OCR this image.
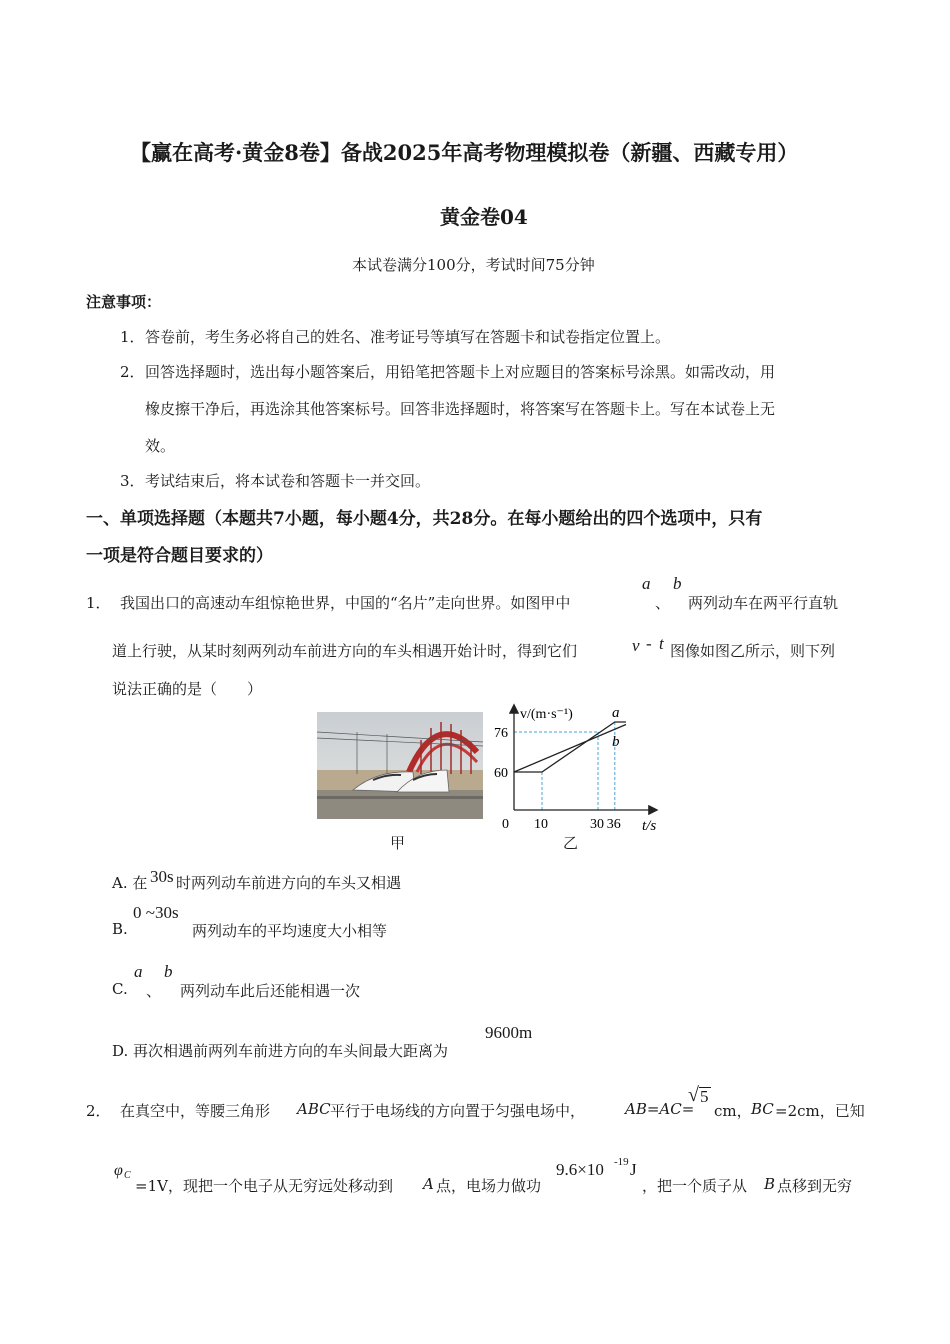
【赢在高考·黄金8卷】备战2025年高考物理模拟卷（新疆、西藏专用）
黄金卷04
本试卷满分100分，考试时间75分钟
注意事项：
1． 答卷前，考生务必将自己的姓名、准考证号等填写在答题卡和试卷指定位置上。
2． 回答选择题时，选出每小题答案后，用铅笔把答题卡上对应题目的答案标号涂黑。如需改动，用
橡皮擦干净后，再选涂其他答案标号。回答非选择题时，将答案写在答题卡上。写在本试卷上无
效。
3． 考试结束后，将本试卷和答题卡一并交回。
一、单项选择题（本题共7小题，每小题4分，共28分。在每小题给出的四个选项中，只有
一项是符合题目要求的）
1． 我国出口的高速动车组惊艳世界，中国的“名片”走向世界。如图甲中
a
、
b
两列动车在两平行直轨
道上行驶，从某时刻两列动车前进方向的车头相遇开始计时，得到它们	v - t 图像如图乙所示，则下列
说法正确的是（　　）
甲
v/(m·s⁻¹)
t/s
a
b
0 10	30 36
60
76
乙
A. 在 30s 时两列动车前进方向的车头又相遇
B.
0 ~30s
两列动车的平均速度大小相等
C.
a
、
b
两列动车此后还能相遇一次
D. 再次相遇前两列车前进方向的车头间最大距离为
9600m
2． 在真空中，等腰三角形 ABC 平行于电场线的方向置于匀强电场中，	AB=AC=
√ 5
cm， BC =2cm，已知
φ C
=1V，现把一个电子从无穷远处移动到 A 点，电场力做功
9.6×10 -19 J
，把一个质子从 B 点移到无穷
